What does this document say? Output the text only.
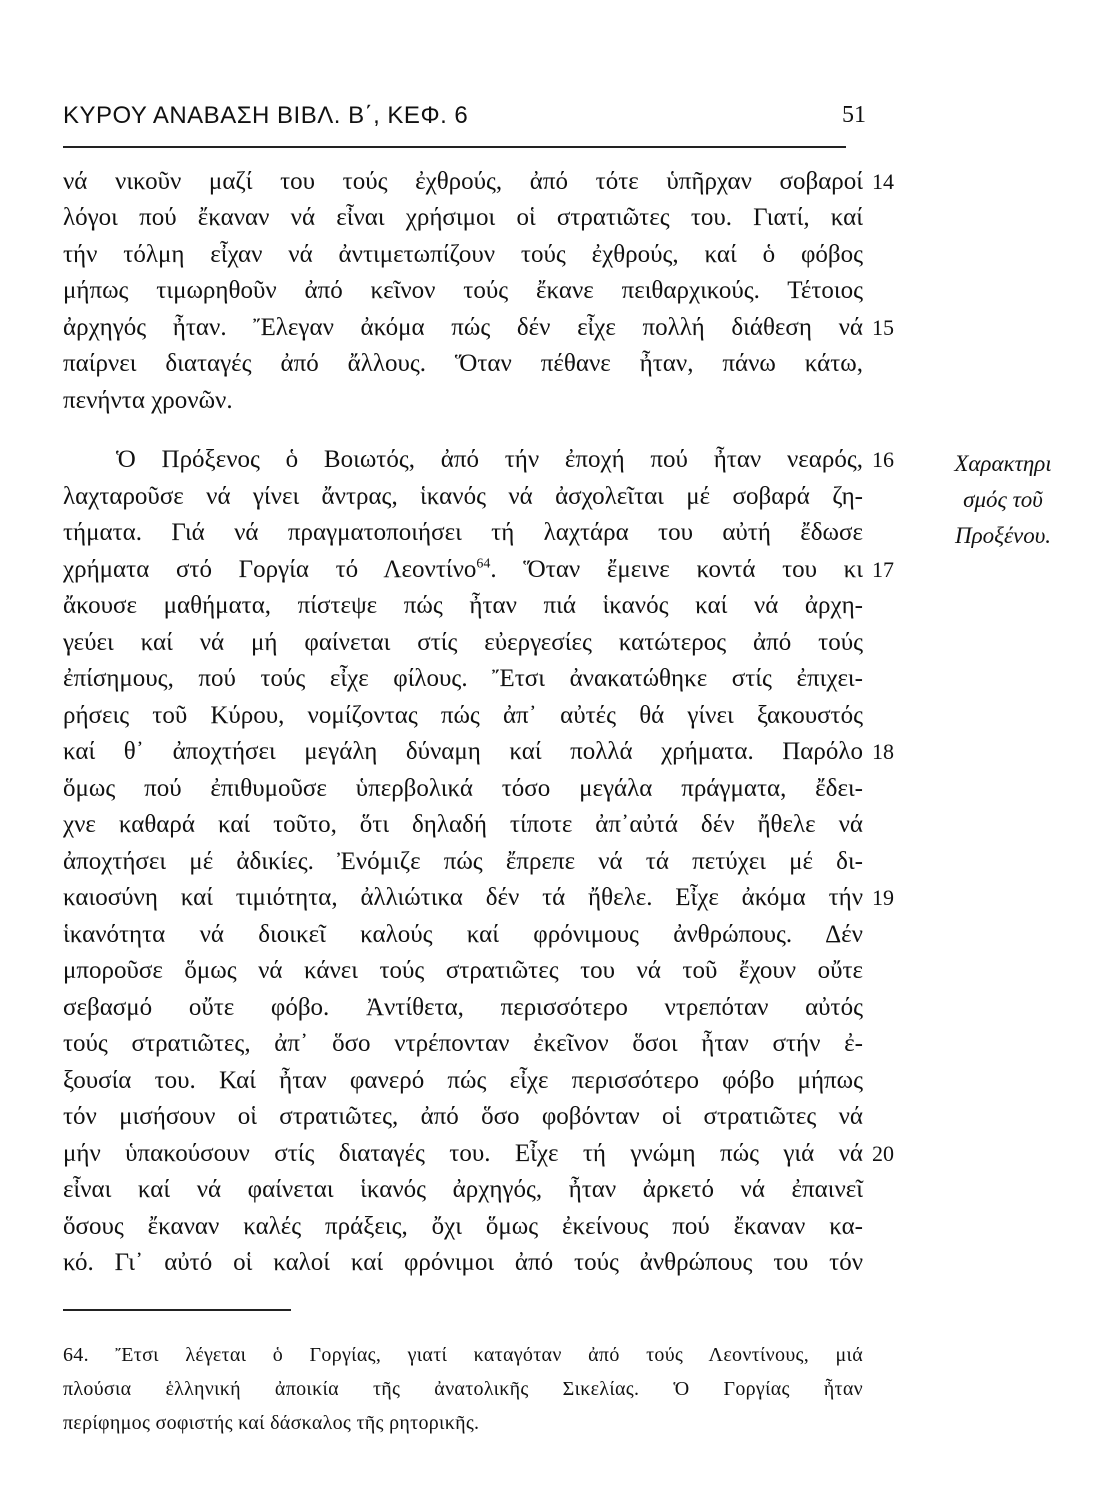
ΚΥΡΟΥ ΑΝΑΒΑΣΗ ΒΙΒΛ. Β΄, ΚΕΦ. 6	51
νά νικοῦν μαζί του τούς ἐχθρούς, ἀπό τότε ὑπῆρχαν σοβαροί
λόγοι πού ἔκαναν νά εἶναι χρήσιμοι οἱ στρατιῶτες του. Γιατί, καί
τήν τόλμη εἶχαν νά ἀντιμετωπίζουν τούς ἐχθρούς, καί ὁ φόβος
μήπως τιμωρηθοῦν ἀπό κεῖνον τούς ἔκανε πειθαρχικούς. Τέτοιος
ἀρχηγός ἦταν. Ἔλεγαν ἀκόμα πώς δέν εἶχε πολλή διάθεση νά
παίρνει διαταγές ἀπό ἄλλους. Ὅταν πέθανε ἦταν, πάνω κάτω,
πενήντα χρονῶν.
Ὁ Πρόξενος ὁ Βοιωτός, ἀπό τήν ἐποχή πού ἦταν νεαρός,
λαχταροῦσε νά γίνει ἄντρας, ἱκανός νά ἀσχολεῖται μέ σοβαρά ζη-
τήματα. Γιά νά πραγματοποιήσει τή λαχτάρα του αὐτή ἔδωσε
χρήματα στό Γοργία τό Λεοντίνο$^{64}$. Ὅταν ἔμεινε κοντά του κι
ἄκουσε μαθήματα, πίστεψε πώς ἦταν πιά ἱκανός καί νά ἀρχη-
γεύει καί νά μή φαίνεται στίς εὐεργεσίες κατώτερος ἀπό τούς
ἐπίσημους, πού τούς εἶχε φίλους. Ἔτσι ἀνακατώθηκε στίς ἐπιχει-
ρήσεις τοῦ Κύρου, νομίζοντας πώς ἀπ᾽ αὐτές θά γίνει ξακουστός
καί θ᾽ ἀποχτήσει μεγάλη δύναμη καί πολλά χρήματα. Παρόλο
ὅμως πού ἐπιθυμοῦσε ὑπερβολικά τόσο μεγάλα πράγματα, ἔδει-
χνε καθαρά καί τοῦτο, ὅτι δηλαδή τίποτε ἀπ᾽αὐτά δέν ἤθελε νά
ἀποχτήσει μέ ἀδικίες. Ἐνόμιζε πώς ἔπρεπε νά τά πετύχει μέ δι-
καιοσύνη καί τιμιότητα, ἀλλιώτικα δέν τά ἤθελε. Εἶχε ἀκόμα τήν
ἱκανότητα νά διοικεῖ καλούς καί φρόνιμους ἀνθρώπους. Δέν
μποροῦσε ὅμως νά κάνει τούς στρατιῶτες του νά τοῦ ἔχουν οὔτε
σεβασμό οὔτε φόβο. Ἀντίθετα, περισσότερο ντρεπόταν αὐτός
τούς στρατιῶτες, ἀπ᾽ ὅσο ντρέπονταν ἐκεῖνον ὅσοι ἦταν στήν ἐ-
ξουσία του. Καί ἦταν φανερό πώς εἶχε περισσότερο φόβο μήπως
τόν μισήσουν οἱ στρατιῶτες, ἀπό ὅσο φοβόνταν οἱ στρατιῶτες νά
μήν ὑπακούσουν στίς διαταγές του. Εἶχε τή γνώμη πώς γιά νά
εἶναι καί νά φαίνεται ἱκανός ἀρχηγός, ἦταν ἀρκετό νά ἐπαινεῖ
ὅσους ἔκαναν καλές πράξεις, ὄχι ὅμως ἐκείνους πού ἔκαναν κα-
κό. Γι᾽ αὐτό οἱ καλοί καί φρόνιμοι ἀπό τούς ἀνθρώπους του τόν
14
15
16
17
18
19
20
Χαρακτηρι
σμός τοῦ
Προξένου.
64. Ἔτσι λέγεται ὁ Γοργίας, γιατί καταγόταν ἀπό τούς Λεοντίνους, μιά
πλούσια ἑλληνική ἀποικία τῆς ἀνατολικῆς Σικελίας. Ὁ Γοργίας ἦταν
περίφημος σοφιστής καί δάσκαλος τῆς ρητορικῆς.
